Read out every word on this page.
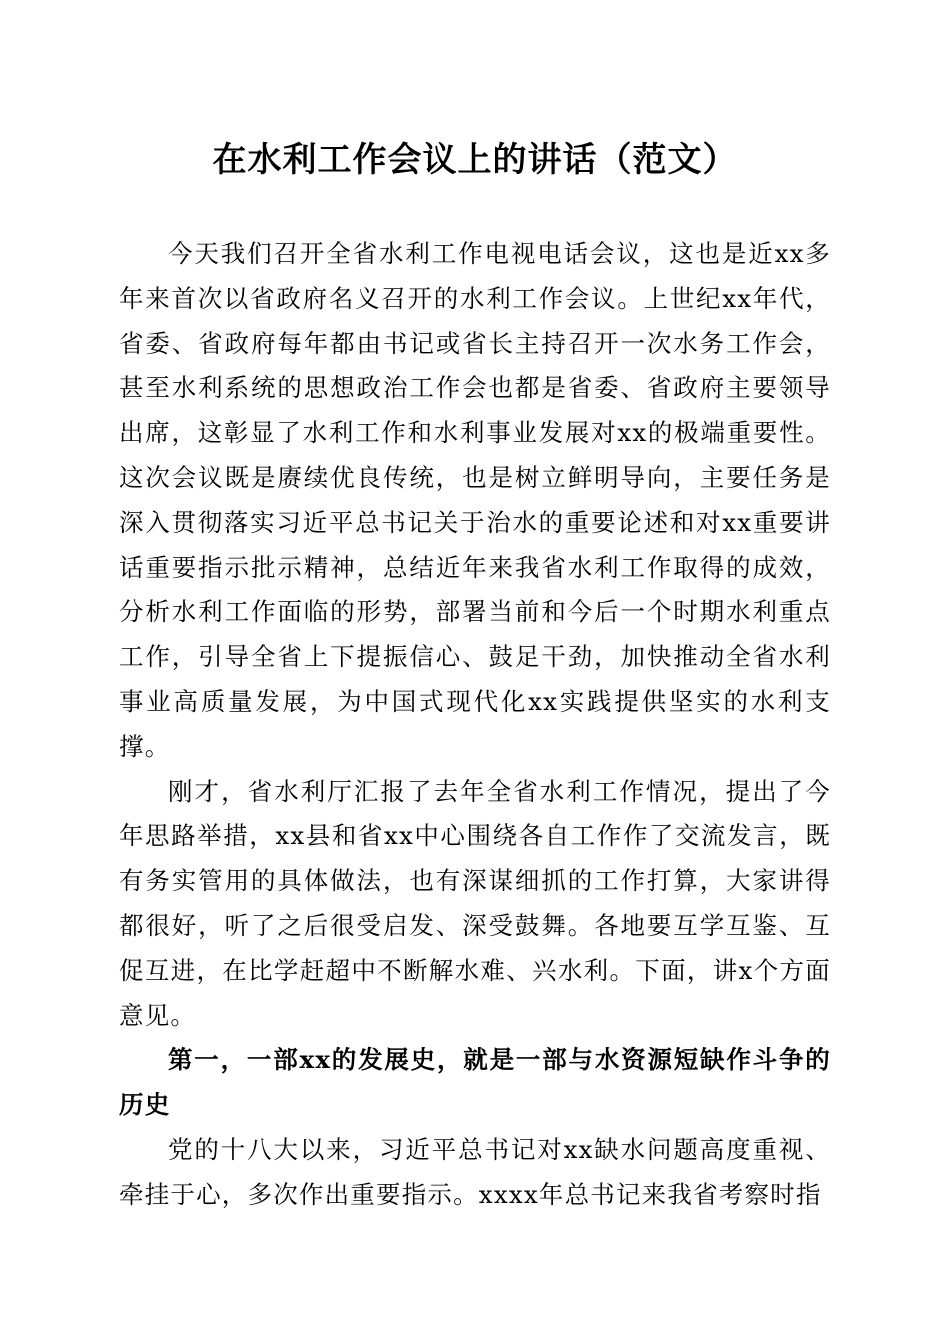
在水利工作会议上的讲话（范文）

今天我们召开全省水利工作电视电话会议，这也是近xx多年来首次以省政府名义召开的水利工作会议。上世纪xx年代，省委、省政府每年都由书记或省长主持召开一次水务工作会，甚至水利系统的思想政治工作会也都是省委、省政府主要领导出席，这彰显了水利工作和水利事业发展对xx的极端重要性。这次会议既是赓续优良传统，也是树立鲜明导向，主要任务是深入贯彻落实习近平总书记关于治水的重要论述和对xx重要讲话重要指示批示精神，总结近年来我省水利工作取得的成效，分析水利工作面临的形势，部署当前和今后一个时期水利重点工作，引导全省上下提振信心、鼓足干劲，加快推动全省水利事业高质量发展，为中国式现代化xx实践提供坚实的水利支撑。

刚才，省水利厅汇报了去年全省水利工作情况，提出了今年思路举措，xx县和省xx中心围绕各自工作作了交流发言，既有务实管用的具体做法，也有深谋细抓的工作打算，大家讲得都很好，听了之后很受启发、深受鼓舞。各地要互学互鉴、互促互进，在比学赶超中不断解水难、兴水利。下面，讲x个方面意见。

第一，一部xx的发展史，就是一部与水资源短缺作斗争的历史

党的十八大以来，习近平总书记对xx缺水问题高度重视、牵挂于心，多次作出重要指示。xxxx年总书记来我省考察时指
